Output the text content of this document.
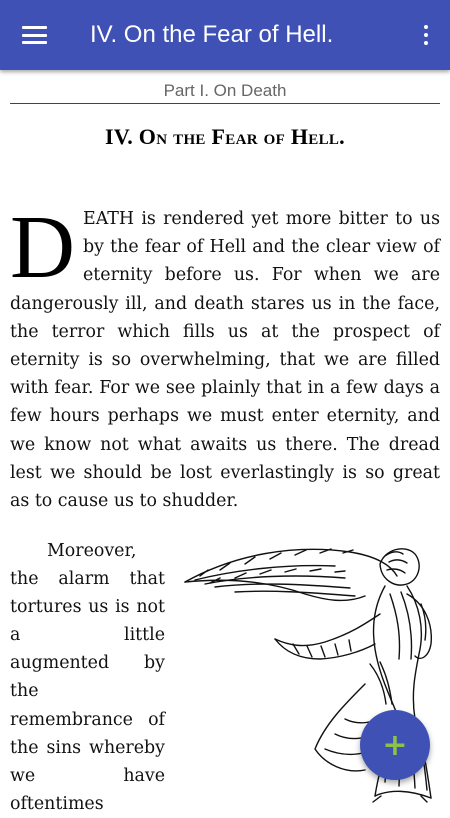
IV. On the Fear of Hell.
Part I. On Death
IV. On the Fear of Hell.
DEATH is rendered yet more bitter to us by the fear of Hell and the clear view of eternity before us. For when we are dangerously ill, and death stares us in the face, the terror which fills us at the prospect of eternity is so overwhelming, that we are filled with fear. For we see plainly that in a few days a few hours perhaps we must enter eternity, and we know not what awaits us there. The dread lest we should be lost everlastingly is so great as to cause us to shudder.
Moreover, the alarm that tortures us is not a little augmented by the remembrance of the sins whereby we have oftentimes
+
